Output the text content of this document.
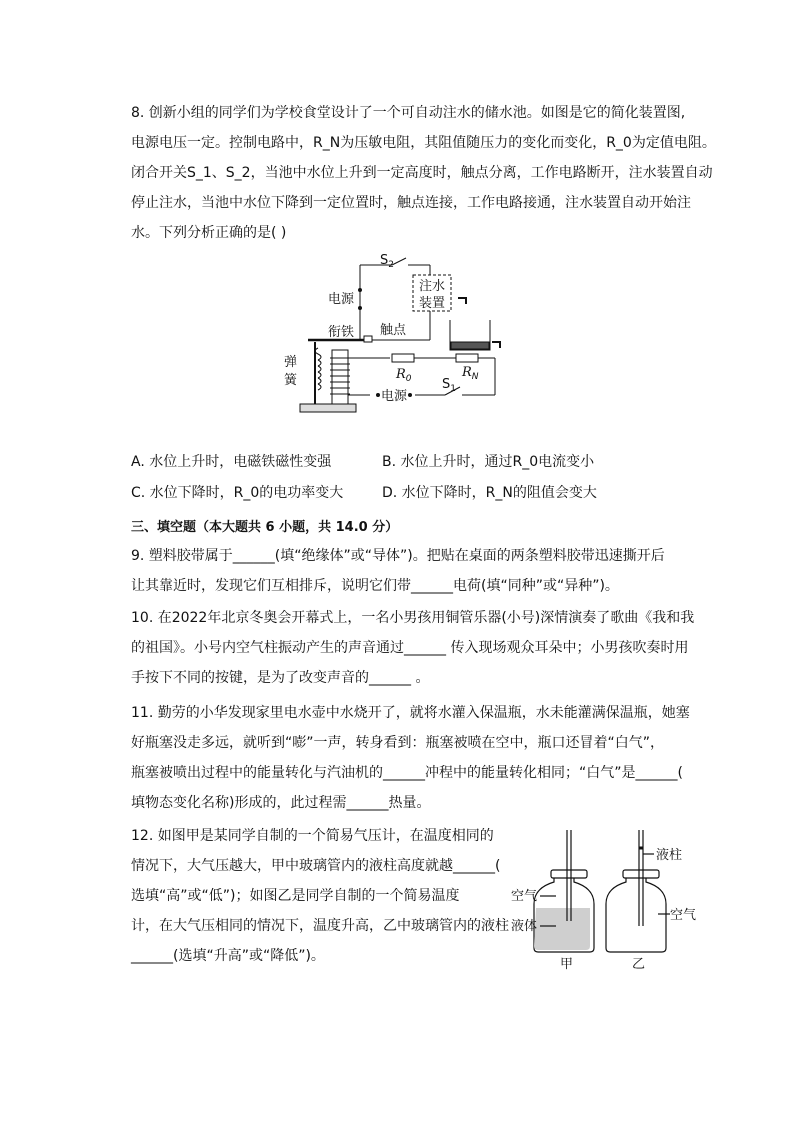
8. 创新小组的同学们为学校食堂设计了一个可自动注水的储水池。如图是它的简化装置图,
电源电压一定。控制电路中，R_N为压敏电阻，其阻值随压力的变化而变化，R_0为定值电阻。
闭合开关S_1、S_2，当池中水位上升到一定高度时，触点分离，工作电路断开，注水装置自动
停止注水，当池中水位下降到一定位置时，触点连接，工作电路接通，注水装置自动开始注
水。下列分析正确的是( )
$S_2$
电源
注水
装置
衔铁 触点
弹
簧	$R_0$	$R_N$
$S_1$
电源
A. 水位上升时，电磁铁磁性变强	B. 水位上升时，通过R_0电流变小
C. 水位下降时，R_0的电功率变大	D. 水位下降时，R_N的阻值会变大
三、填空题（本大题共 6 小题，共 14.0 分）
9. 塑料胶带属于______(填“绝缘体”或“导体”)。把贴在桌面的两条塑料胶带迅速撕开后
让其靠近时，发现它们互相排斥，说明它们带______电荷(填“同种”或“异种”)。
10. 在2022年北京冬奥会开幕式上，一名小男孩用铜管乐器(小号)深情演奏了歌曲《我和我
的祖国》。小号内空气柱振动产生的声音通过______ 传入现场观众耳朵中；小男孩吹奏时用
手按下不同的按键，是为了改变声音的______ 。
11. 勤劳的小华发现家里电水壶中水烧开了，就将水灌入保温瓶，水未能灌满保温瓶，她塞
好瓶塞没走多远，就听到“嘭”一声，转身看到：瓶塞被喷在空中，瓶口还冒着“白气”，
瓶塞被喷出过程中的能量转化与汽油机的______冲程中的能量转化相同；“白气”是______(
填物态变化名称)形成的，此过程需______热量。
12. 如图甲是某同学自制的一个简易气压计，在温度相同的
情况下，大气压越大，甲中玻璃管内的液柱高度就越______(
选填“高”或“低”)；如图乙是同学自制的一个简易温度
计，在大气压相同的情况下，温度升高，乙中玻璃管内的液柱
______(选填“升高”或“降低”)。
空气
液体
甲
液柱
空气
乙
